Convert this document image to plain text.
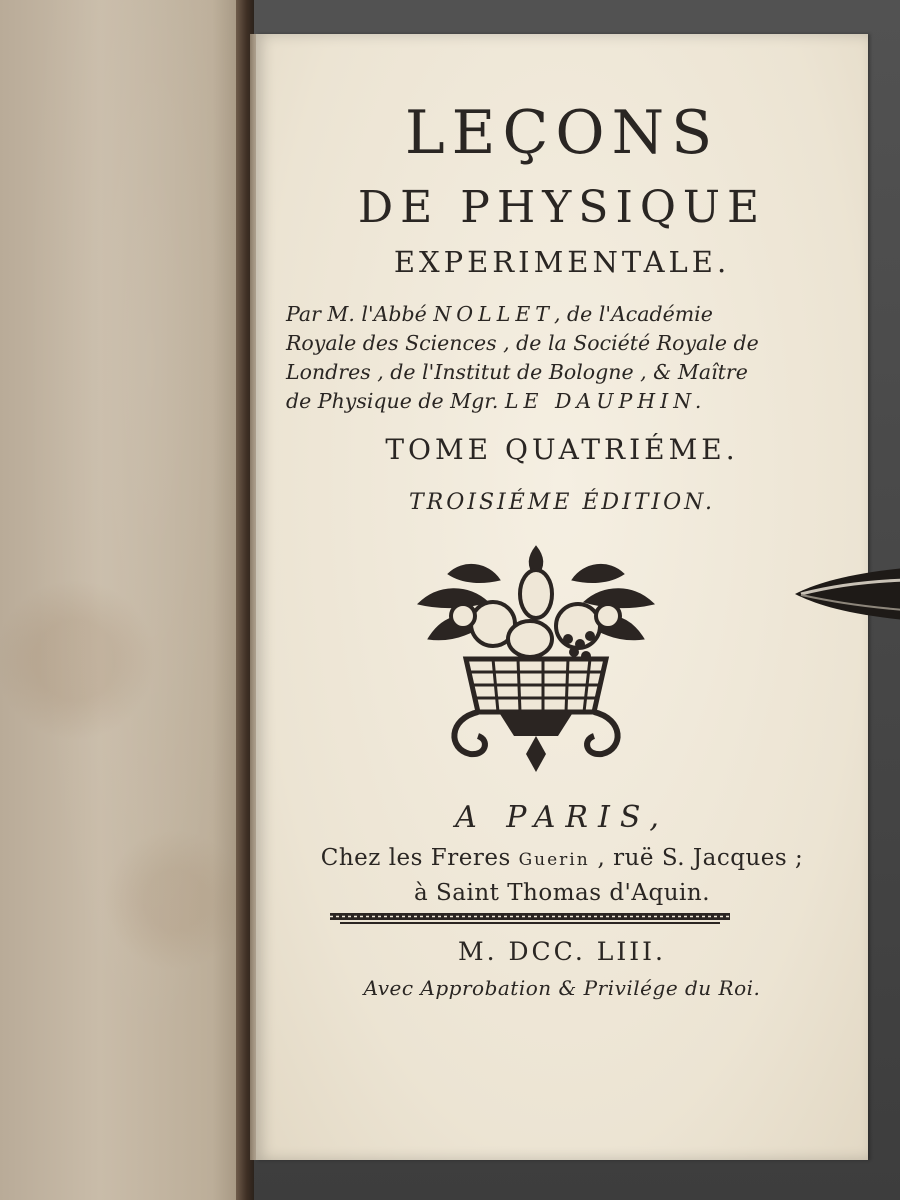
LEÇONS
DE PHYSIQUE
EXPERIMENTALE.
Par M. l'Abbé NOLLET, de l'Académie
Royale des Sciences , de la Société Royale de
Londres , de l'Institut de Bologne , & Maître
de Physique de Mgr. LE DAUPHIN.
TOME QUATRIÉME.
TROISIÉME ÉDITION.
A PARIS,
Chez les Freres Guerin , ruë S. Jacques ;
à Saint Thomas d'Aquin.
M. DCC. LIII.
Avec Approbation & Privilége du Roi.
